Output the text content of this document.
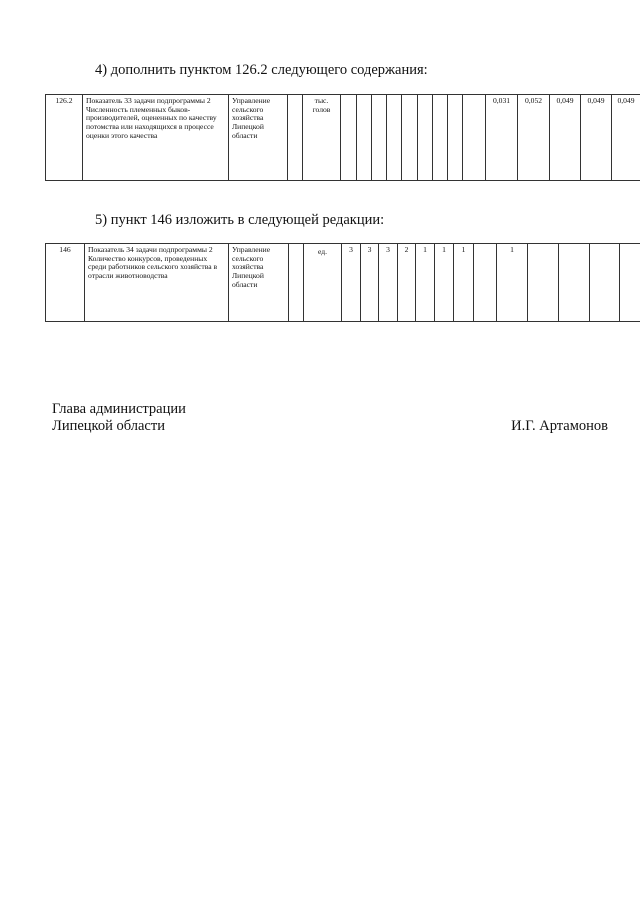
4) дополнить пунктом 126.2 следующего содержания:
126.2	Показатель 33 задачи подпрограммы 2 Численность племенных быков-производителей, оцененных по качеству потомства или находящихся в процессе оценки этого качества	Управление сельского хозяйства Липецкой области		тыс. голов										0,031	0,052	0,049	0,049	0,049
5) пункт 146 изложить в следующей редакции:
146	Показатель 34 задачи подпрограммы 2 Количество конкурсов, проведенных среди работников сельского хозяйства в отрасли животноводства	Управление сельского хозяйства Липецкой области		ед.	3	3	3	2	1	1	1		1				
Глава администрации
Липецкой области	И.Г. Артамонов
